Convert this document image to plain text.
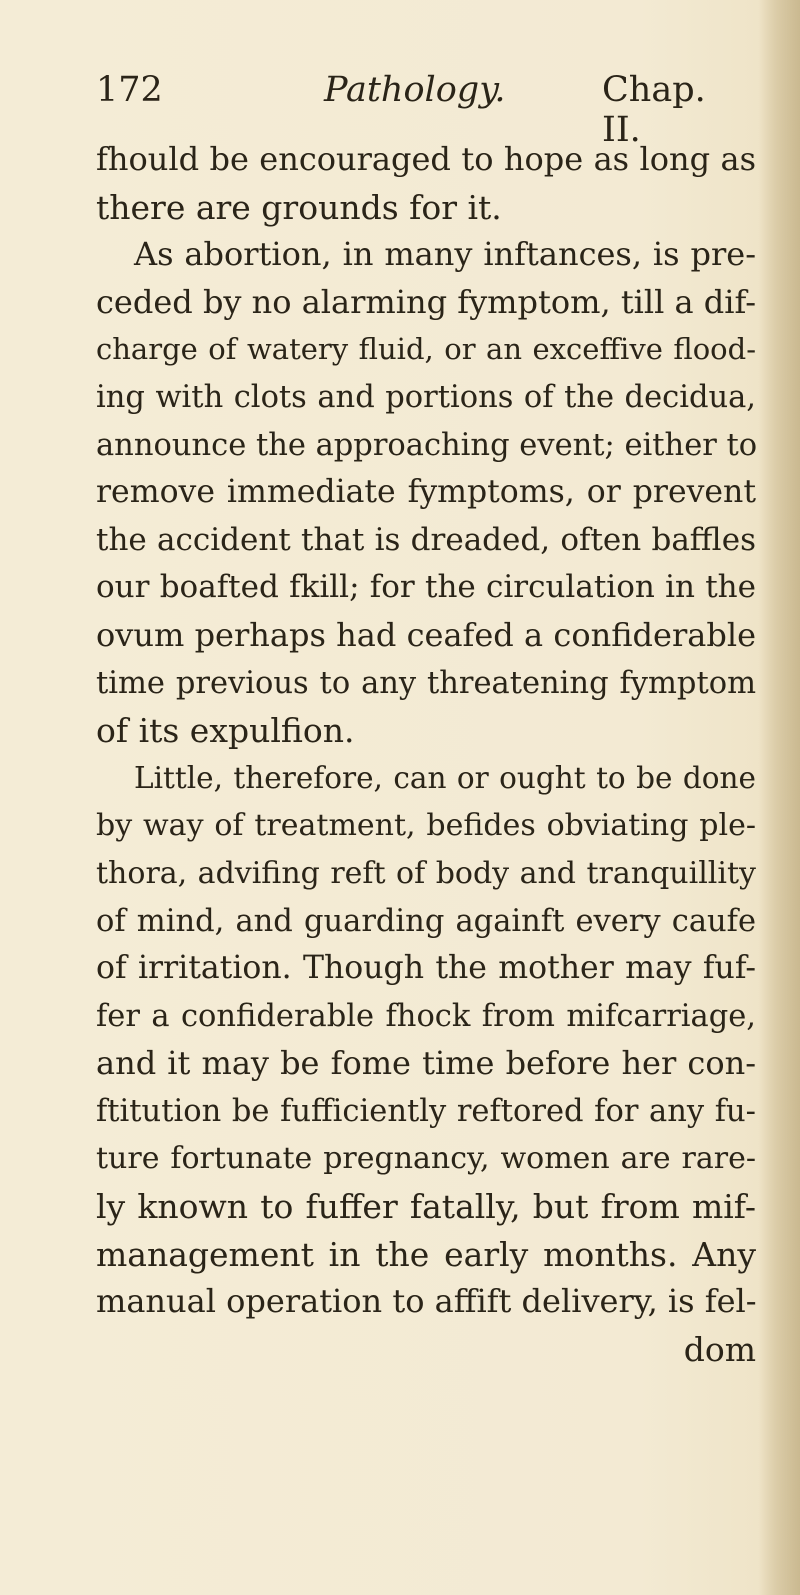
172	Pathology.	Chap. II.
fhould be encouraged to hope as long as
there are grounds for it.
As abortion, in many inftances, is pre-
ceded by no alarming fymptom, till a dif-
charge of watery fluid, or an exceffive flood-
ing with clots and portions of the decidua,
announce the approaching event; either to
remove immediate fymptoms, or prevent
the accident that is dreaded, often baffles
our boafted fkill; for the circulation in the
ovum perhaps had ceafed a confiderable
time previous to any threatening fymptom
of its expulfion.
Little, therefore, can or ought to be done
by way of treatment, befides obviating ple-
thora, advifing reft of body and tranquillity
of mind, and guarding againft every caufe
of irritation. Though the mother may fuf-
fer a confiderable fhock from mifcarriage,
and it may be fome time before her con-
ftitution be fufficiently reftored for any fu-
ture fortunate pregnancy, women are rare-
ly known to fuffer fatally, but from mif-
management in the early months. Any
manual operation to affift delivery, is fel-
dom
